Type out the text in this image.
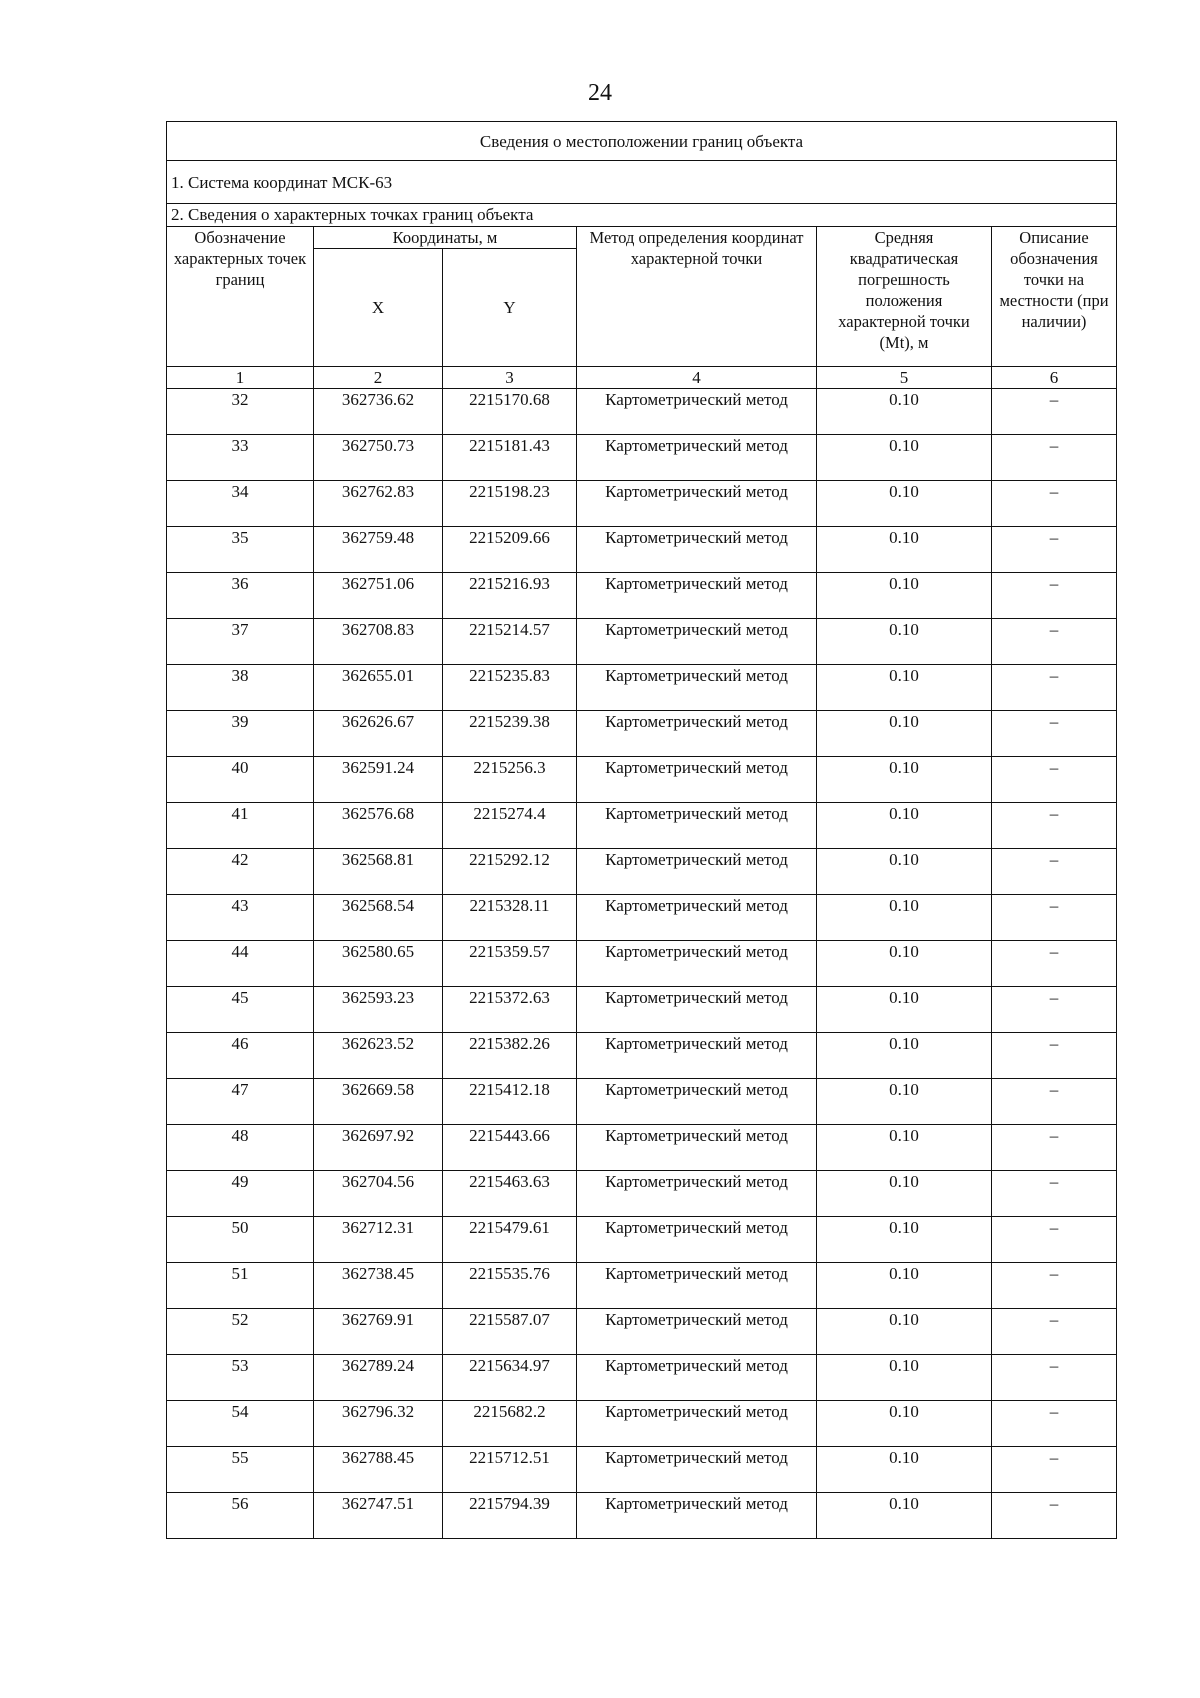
24
Сведения о местоположении границ объекта					
1. Система координат МСК-63					
2. Сведения о характерных точках границ объекта					
Обозначение характерных точек границ	Координаты, м		Метод определения координат характерной точки	Средняя квадратическая погрешность положения характерной точки (Mt), м	Описание обозначения точки на местности (при наличии)
	X	Y			
1	2	3	4	5	6
32	362736.62	2215170.68	Картометрический метод	0.10	–
33	362750.73	2215181.43	Картометрический метод	0.10	–
34	362762.83	2215198.23	Картометрический метод	0.10	–
35	362759.48	2215209.66	Картометрический метод	0.10	–
36	362751.06	2215216.93	Картометрический метод	0.10	–
37	362708.83	2215214.57	Картометрический метод	0.10	–
38	362655.01	2215235.83	Картометрический метод	0.10	–
39	362626.67	2215239.38	Картометрический метод	0.10	–
40	362591.24	2215256.3	Картометрический метод	0.10	–
41	362576.68	2215274.4	Картометрический метод	0.10	–
42	362568.81	2215292.12	Картометрический метод	0.10	–
43	362568.54	2215328.11	Картометрический метод	0.10	–
44	362580.65	2215359.57	Картометрический метод	0.10	–
45	362593.23	2215372.63	Картометрический метод	0.10	–
46	362623.52	2215382.26	Картометрический метод	0.10	–
47	362669.58	2215412.18	Картометрический метод	0.10	–
48	362697.92	2215443.66	Картометрический метод	0.10	–
49	362704.56	2215463.63	Картометрический метод	0.10	–
50	362712.31	2215479.61	Картометрический метод	0.10	–
51	362738.45	2215535.76	Картометрический метод	0.10	–
52	362769.91	2215587.07	Картометрический метод	0.10	–
53	362789.24	2215634.97	Картометрический метод	0.10	–
54	362796.32	2215682.2	Картометрический метод	0.10	–
55	362788.45	2215712.51	Картометрический метод	0.10	–
56	362747.51	2215794.39	Картометрический метод	0.10	–
